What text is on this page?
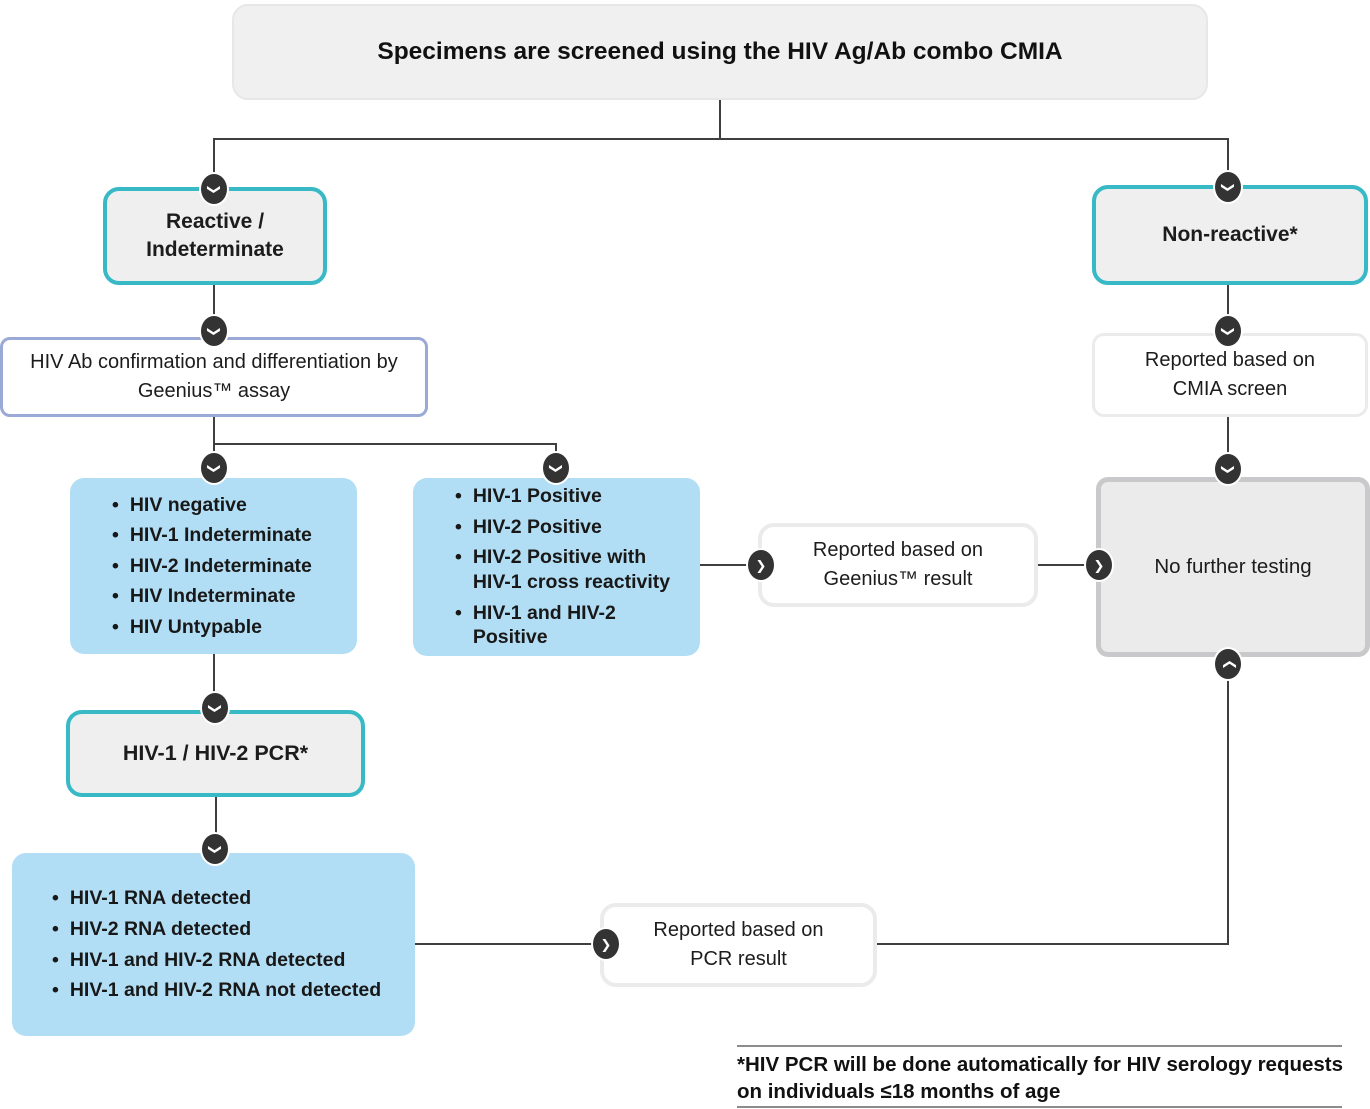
❯	❯
❯	❯
❯	❯	❯
❯	❯
❯
❯
❯
❯
Specimens are screened using the HIV Ag/Ab combo CMIA
Reactive / Indeterminate
Non-reactive*
HIV Ab confirmation and differentiation by Geenius™ assay
Reported based on CMIA screen
• HIV negative
• HIV-1 Indeterminate
• HIV-2 Indeterminate
• HIV Indeterminate
• HIV Untypable
• HIV-1 Positive
• HIV-2 Positive
• HIV-2 Positive with HIV-1 cross reactivity
• HIV-1 and HIV-2 Positive
Reported based on Geenius™ result
No further testing
HIV-1 / HIV-2 PCR*
• HIV-1 RNA detected
• HIV-2 RNA detected
• HIV-1 and HIV-2 RNA detected
• HIV-1 and HIV-2 RNA not detected
Reported based on PCR result
*HIV PCR will be done automatically for HIV serology requests on individuals ≤18 months of age
